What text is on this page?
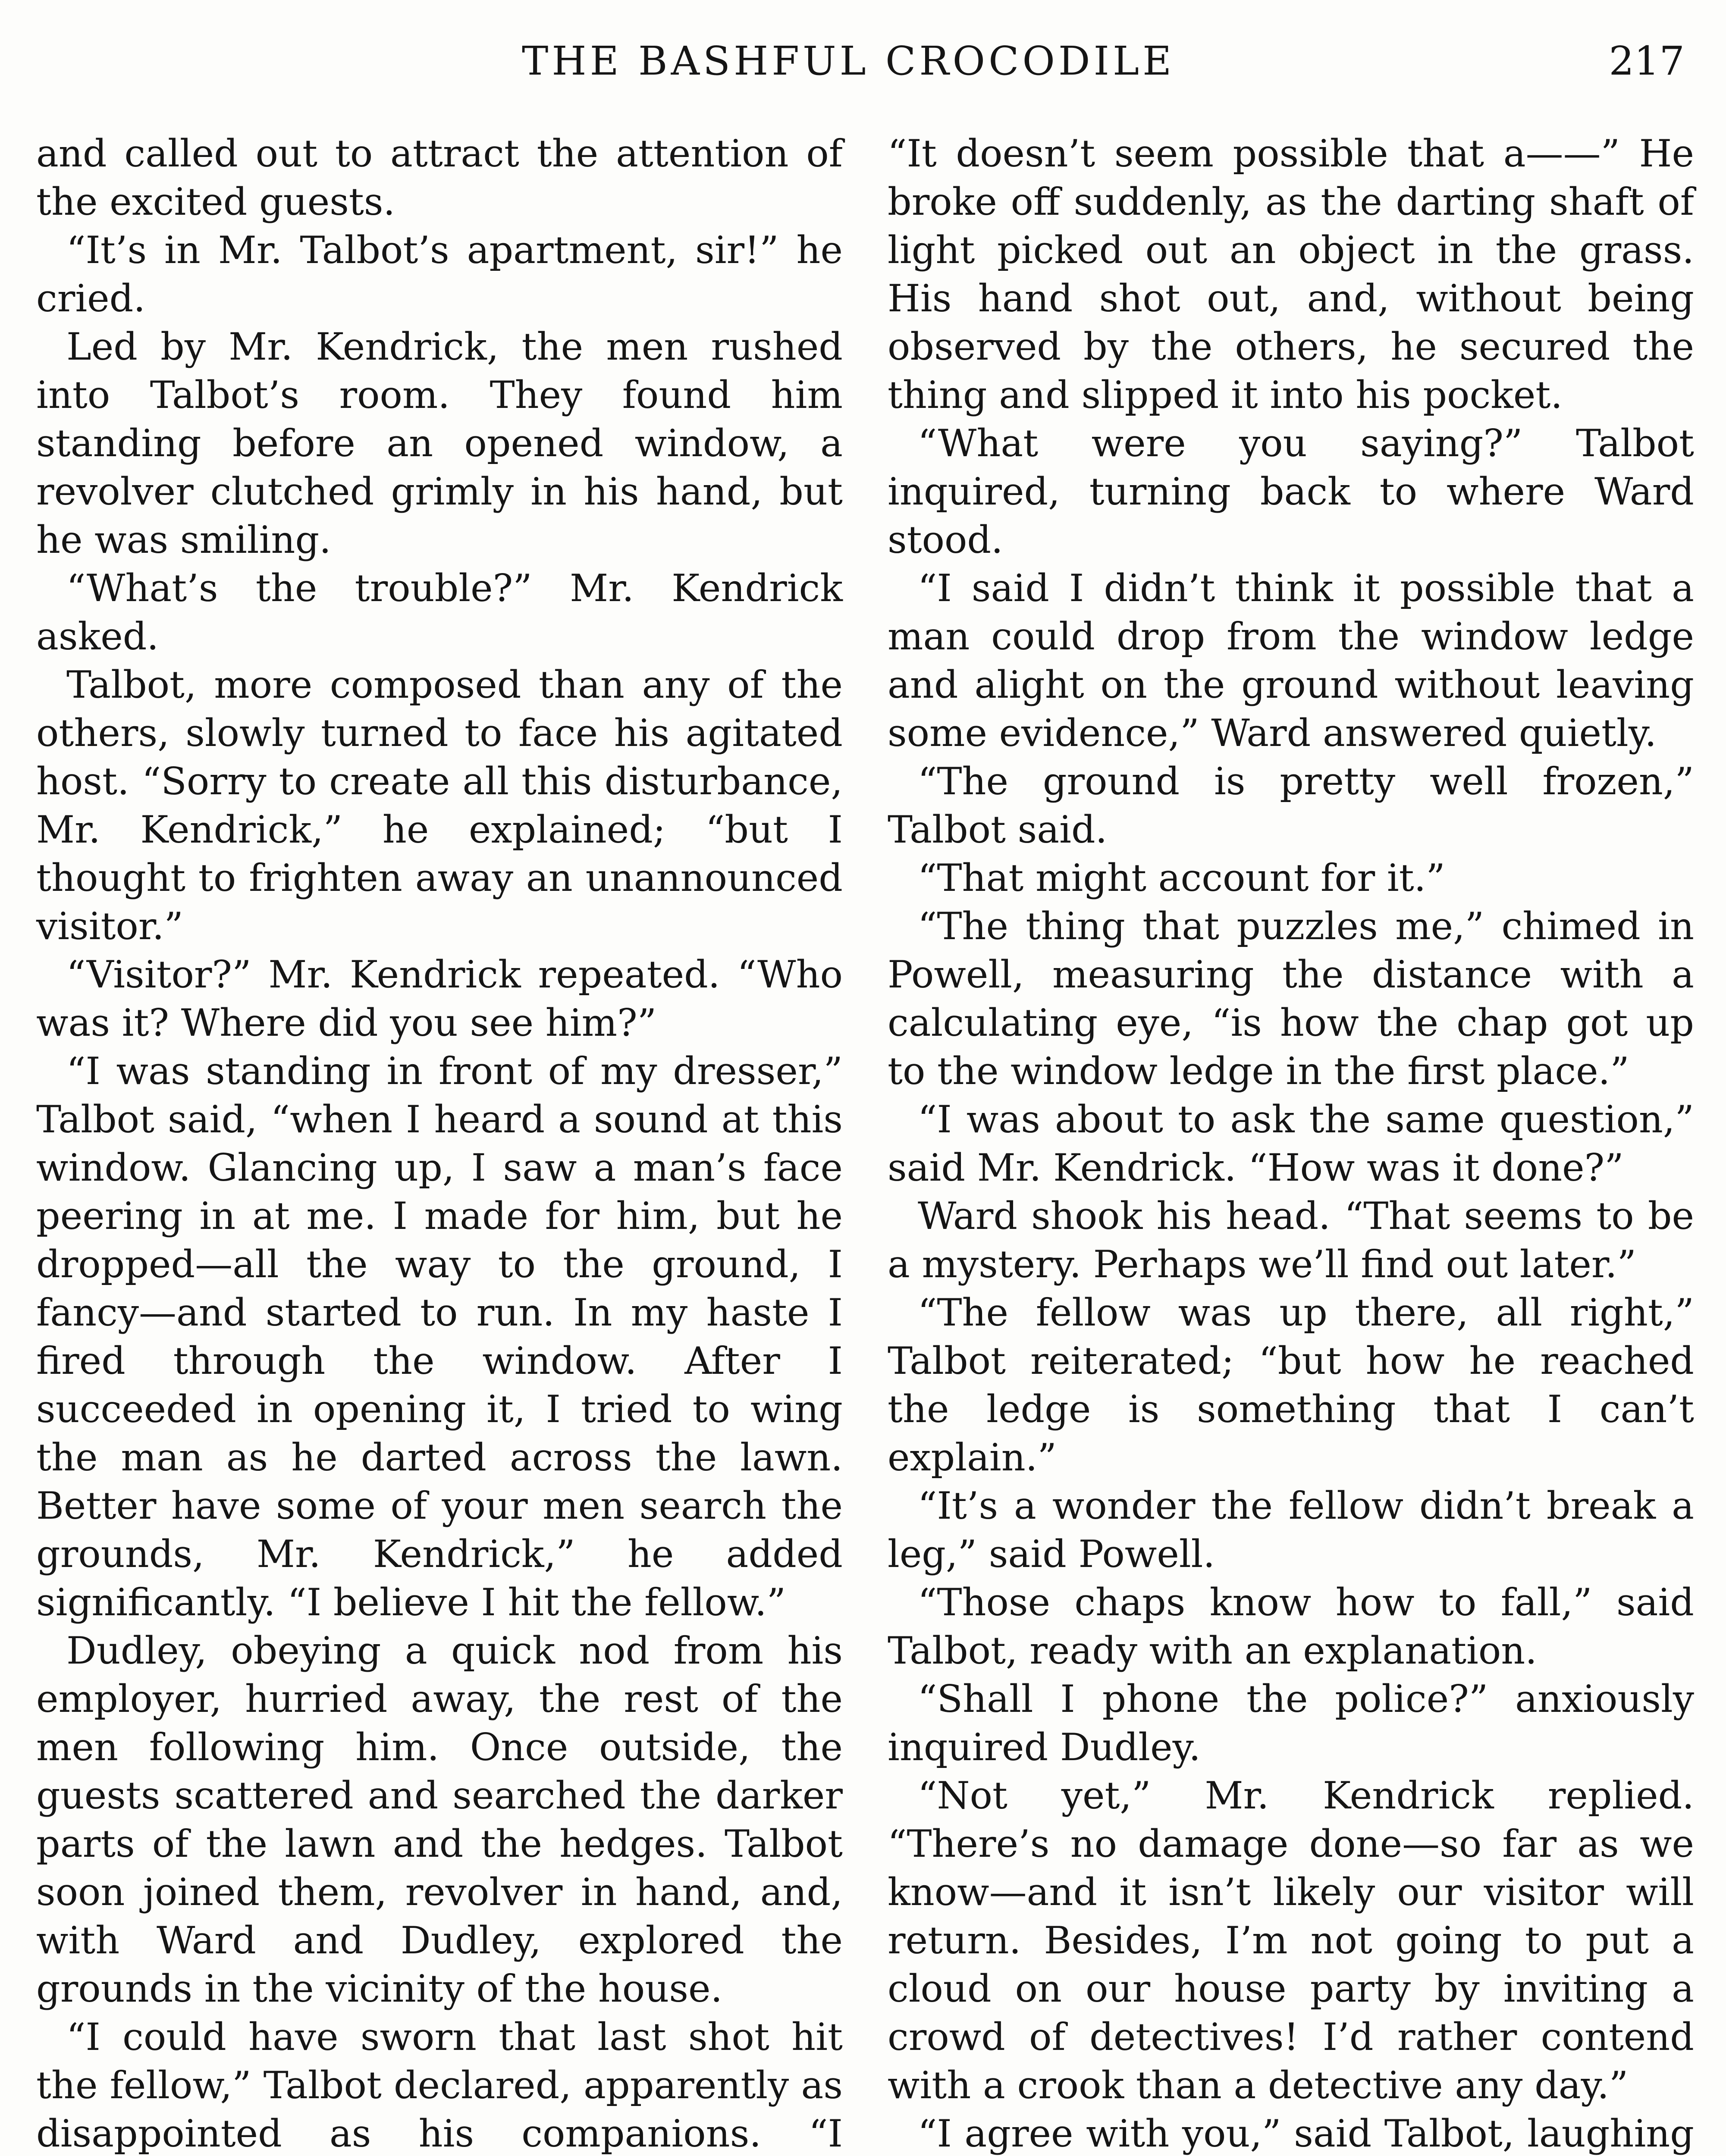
THE BASHFUL CROCODILE	217

and called out to attract the attention of the excited guests.

“It’s in Mr. Talbot’s apartment, sir!” he cried.

Led by Mr. Kendrick, the men rushed into Talbot’s room. They found him standing before an opened window, a revolver clutched grimly in his hand, but he was smiling.

“What’s the trouble?” Mr. Kendrick asked.

Talbot, more composed than any of the others, slowly turned to face his agitated host. “Sorry to create all this disturbance, Mr. Kendrick,” he explained; “but I thought to frighten away an unannounced visitor.”

“Visitor?” Mr. Kendrick repeated. “Who was it? Where did you see him?”

“I was standing in front of my dresser,” Talbot said, “when I heard a sound at this window. Glancing up, I saw a man’s face peering in at me. I made for him, but he dropped—all the way to the ground, I fancy—and started to run. In my haste I fired through the window. After I succeeded in opening it, I tried to wing the man as he darted across the lawn. Better have some of your men search the grounds, Mr. Kendrick,” he added significantly. “I believe I hit the fellow.”

Dudley, obeying a quick nod from his employer, hurried away, the rest of the men following him. Once outside, the guests scattered and searched the darker parts of the lawn and the hedges. Talbot soon joined them, revolver in hand, and, with Ward and Dudley, explored the grounds in the vicinity of the house.

“I could have sworn that last shot hit the fellow,” Talbot declared, apparently as disappointed as his companions. “I

“It doesn’t seem possible that a——” He broke off suddenly, as the darting shaft of light picked out an object in the grass. His hand shot out, and, without being observed by the others, he secured the thing and slipped it into his pocket.

“What were you saying?” Talbot inquired, turning back to where Ward stood.

“I said I didn’t think it possible that a man could drop from the window ledge and alight on the ground without leaving some evidence,” Ward answered quietly.

“The ground is pretty well frozen,” Talbot said.

“That might account for it.”

“The thing that puzzles me,” chimed in Powell, measuring the distance with a calculating eye, “is how the chap got up to the window ledge in the first place.”

“I was about to ask the same question,” said Mr. Kendrick. “How was it done?”

Ward shook his head. “That seems to be a mystery. Perhaps we’ll find out later.”

“The fellow was up there, all right,” Talbot reiterated; “but how he reached the ledge is something that I can’t explain.”

“It’s a wonder the fellow didn’t break a leg,” said Powell.

“Those chaps know how to fall,” said Talbot, ready with an explanation.

“Shall I phone the police?” anxiously inquired Dudley.

“Not yet,” Mr. Kendrick replied. “There’s no damage done—so far as we know—and it isn’t likely our visitor will return. Besides, I’m not going to put a cloud on our house party by inviting a crowd of detectives! I’d rather contend with a crook than a detective any day.”

“I agree with you,” said Talbot, laughing
